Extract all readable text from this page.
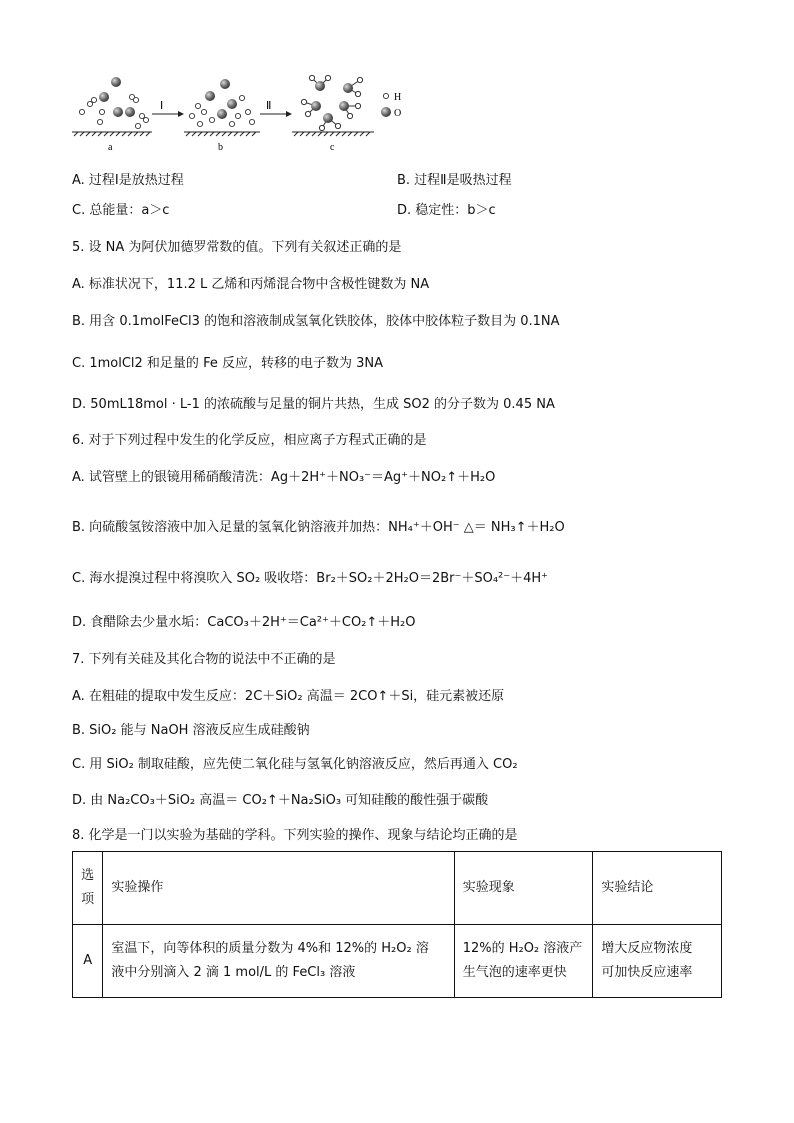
a
Ⅰ
b
Ⅱ
c
H
O
A. 过程Ⅰ是放热过程	B. 过程Ⅱ是吸热过程
C. 总能量：a＞c	D. 稳定性：b＞c
5. 设 NA 为阿伏加德罗常数的值。下列有关叙述正确的是
A. 标准状况下，11.2 L 乙烯和丙烯混合物中含极性键数为 NA
B. 用含 0.1molFeCl3 的饱和溶液制成氢氧化铁胶体，胶体中胶体粒子数目为 0.1NA
C. 1molCl2 和足量的 Fe 反应，转移的电子数为 3NA
D. 50mL18mol · L-1 的浓硫酸与足量的铜片共热，生成 SO2 的分子数为 0.45 NA
6. 对于下列过程中发生的化学反应，相应离子方程式正确的是
A. 试管壁上的银镜用稀硝酸清洗：Ag＋2H⁺＋NO₃⁻＝Ag⁺＋NO₂↑＋H₂O
B. 向硫酸氢铵溶液中加入足量的氢氧化钠溶液并加热：NH₄⁺＋OH⁻ △＝ NH₃↑＋H₂O
C. 海水提溴过程中将溴吹入 SO₂ 吸收塔：Br₂＋SO₂＋2H₂O＝2Br⁻＋SO₄²⁻＋4H⁺
D. 食醋除去少量水垢：CaCO₃＋2H⁺＝Ca²⁺＋CO₂↑＋H₂O
7. 下列有关硅及其化合物的说法中不正确的是
A. 在粗硅的提取中发生反应：2C＋SiO₂ 高温＝ 2CO↑＋Si，硅元素被还原
B. SiO₂ 能与 NaOH 溶液反应生成硅酸钠
C. 用 SiO₂ 制取硅酸，应先使二氧化硅与氢氧化钠溶液反应，然后再通入 CO₂
D. 由 Na₂CO₃＋SiO₂ 高温＝ CO₂↑＋Na₂SiO₃ 可知硅酸的酸性强于碳酸
8. 化学是一门以实验为基础的学科。下列实验的操作、现象与结论均正确的是
选
项	实验操作	实验现象	实验结论
A	室温下，向等体积的质量分数为 4%和 12%的 H₂O₂ 溶
液中分别滴入 2 滴 1 mol/L 的 FeCl₃ 溶液	12%的 H₂O₂ 溶液产
生气泡的速率更快	增大反应物浓度
可加快反应速率
